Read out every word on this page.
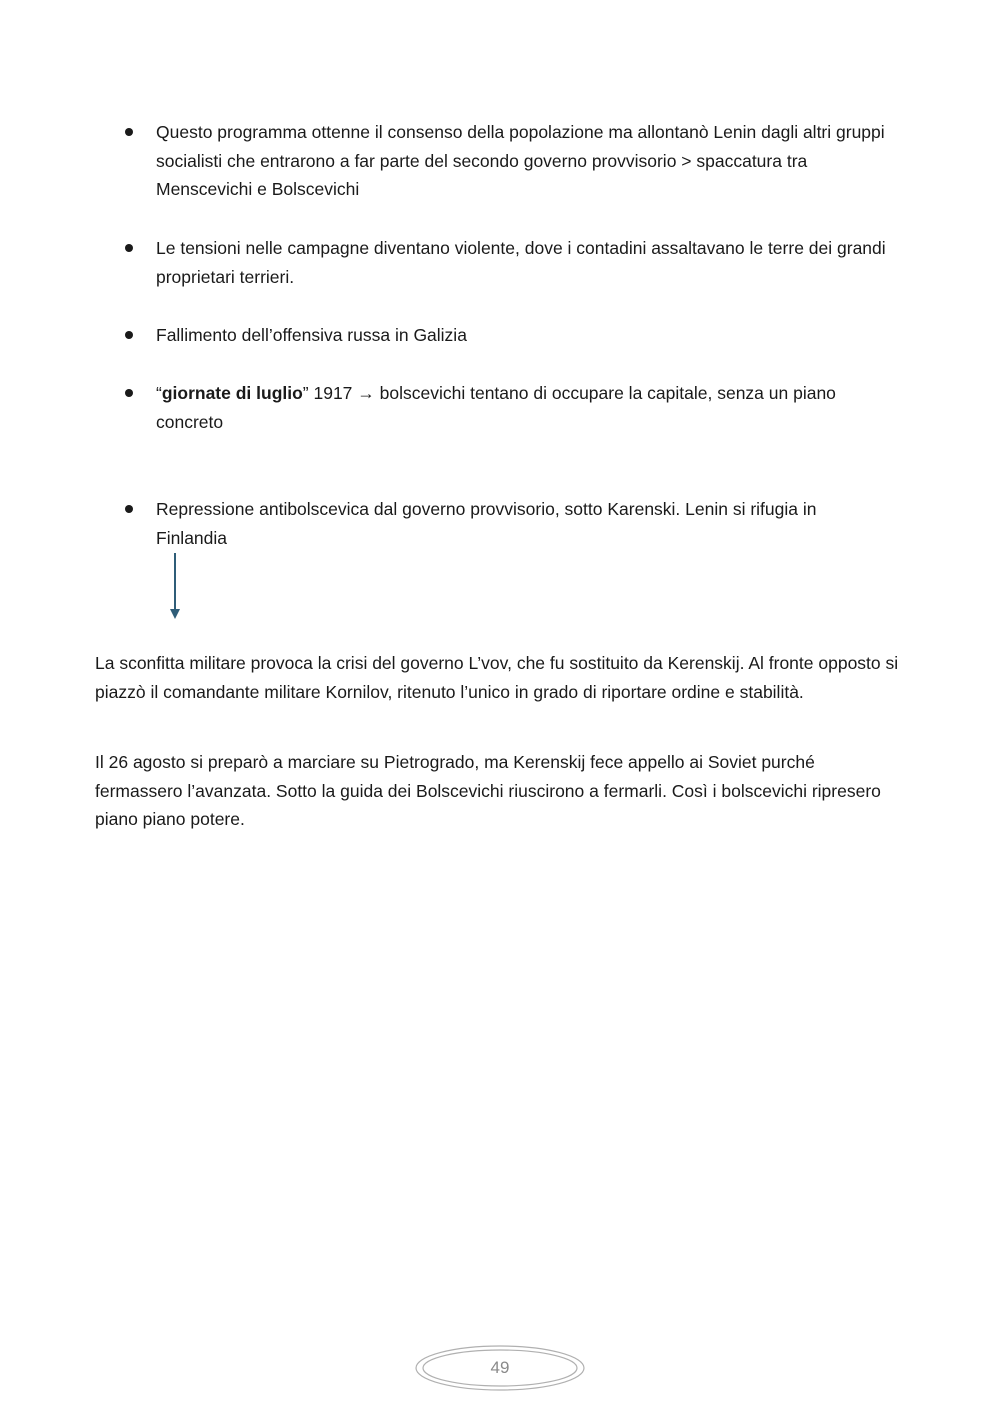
Questo programma ottenne il consenso della popolazione ma allontanò Lenin dagli altri gruppi socialisti che entrarono a far parte del secondo governo provvisorio > spaccatura tra Menscevichi e Bolscevichi
Le tensioni nelle campagne diventano violente, dove i contadini assaltavano le terre dei grandi proprietari terrieri.
Fallimento dell’offensiva russa in Galizia
“giornate di luglio” 1917 → bolscevichi tentano di occupare la capitale, senza un piano concreto
Repressione antibolscevica dal governo provvisorio, sotto Karenski. Lenin si rifugia in Finlandia

La sconfitta militare provoca la crisi del governo L’vov, che fu sostituito da Kerenskij. Al fronte opposto si piazzò il comandante militare Kornilov, ritenuto l’unico in grado di riportare ordine e stabilità.

Il 26 agosto si preparò a marciare su Pietrogrado, ma Kerenskij fece appello ai Soviet purché fermassero l’avanzata. Sotto la guida dei Bolscevichi riuscirono a fermarli. Così i bolscevichi ripresero piano piano potere.

49
